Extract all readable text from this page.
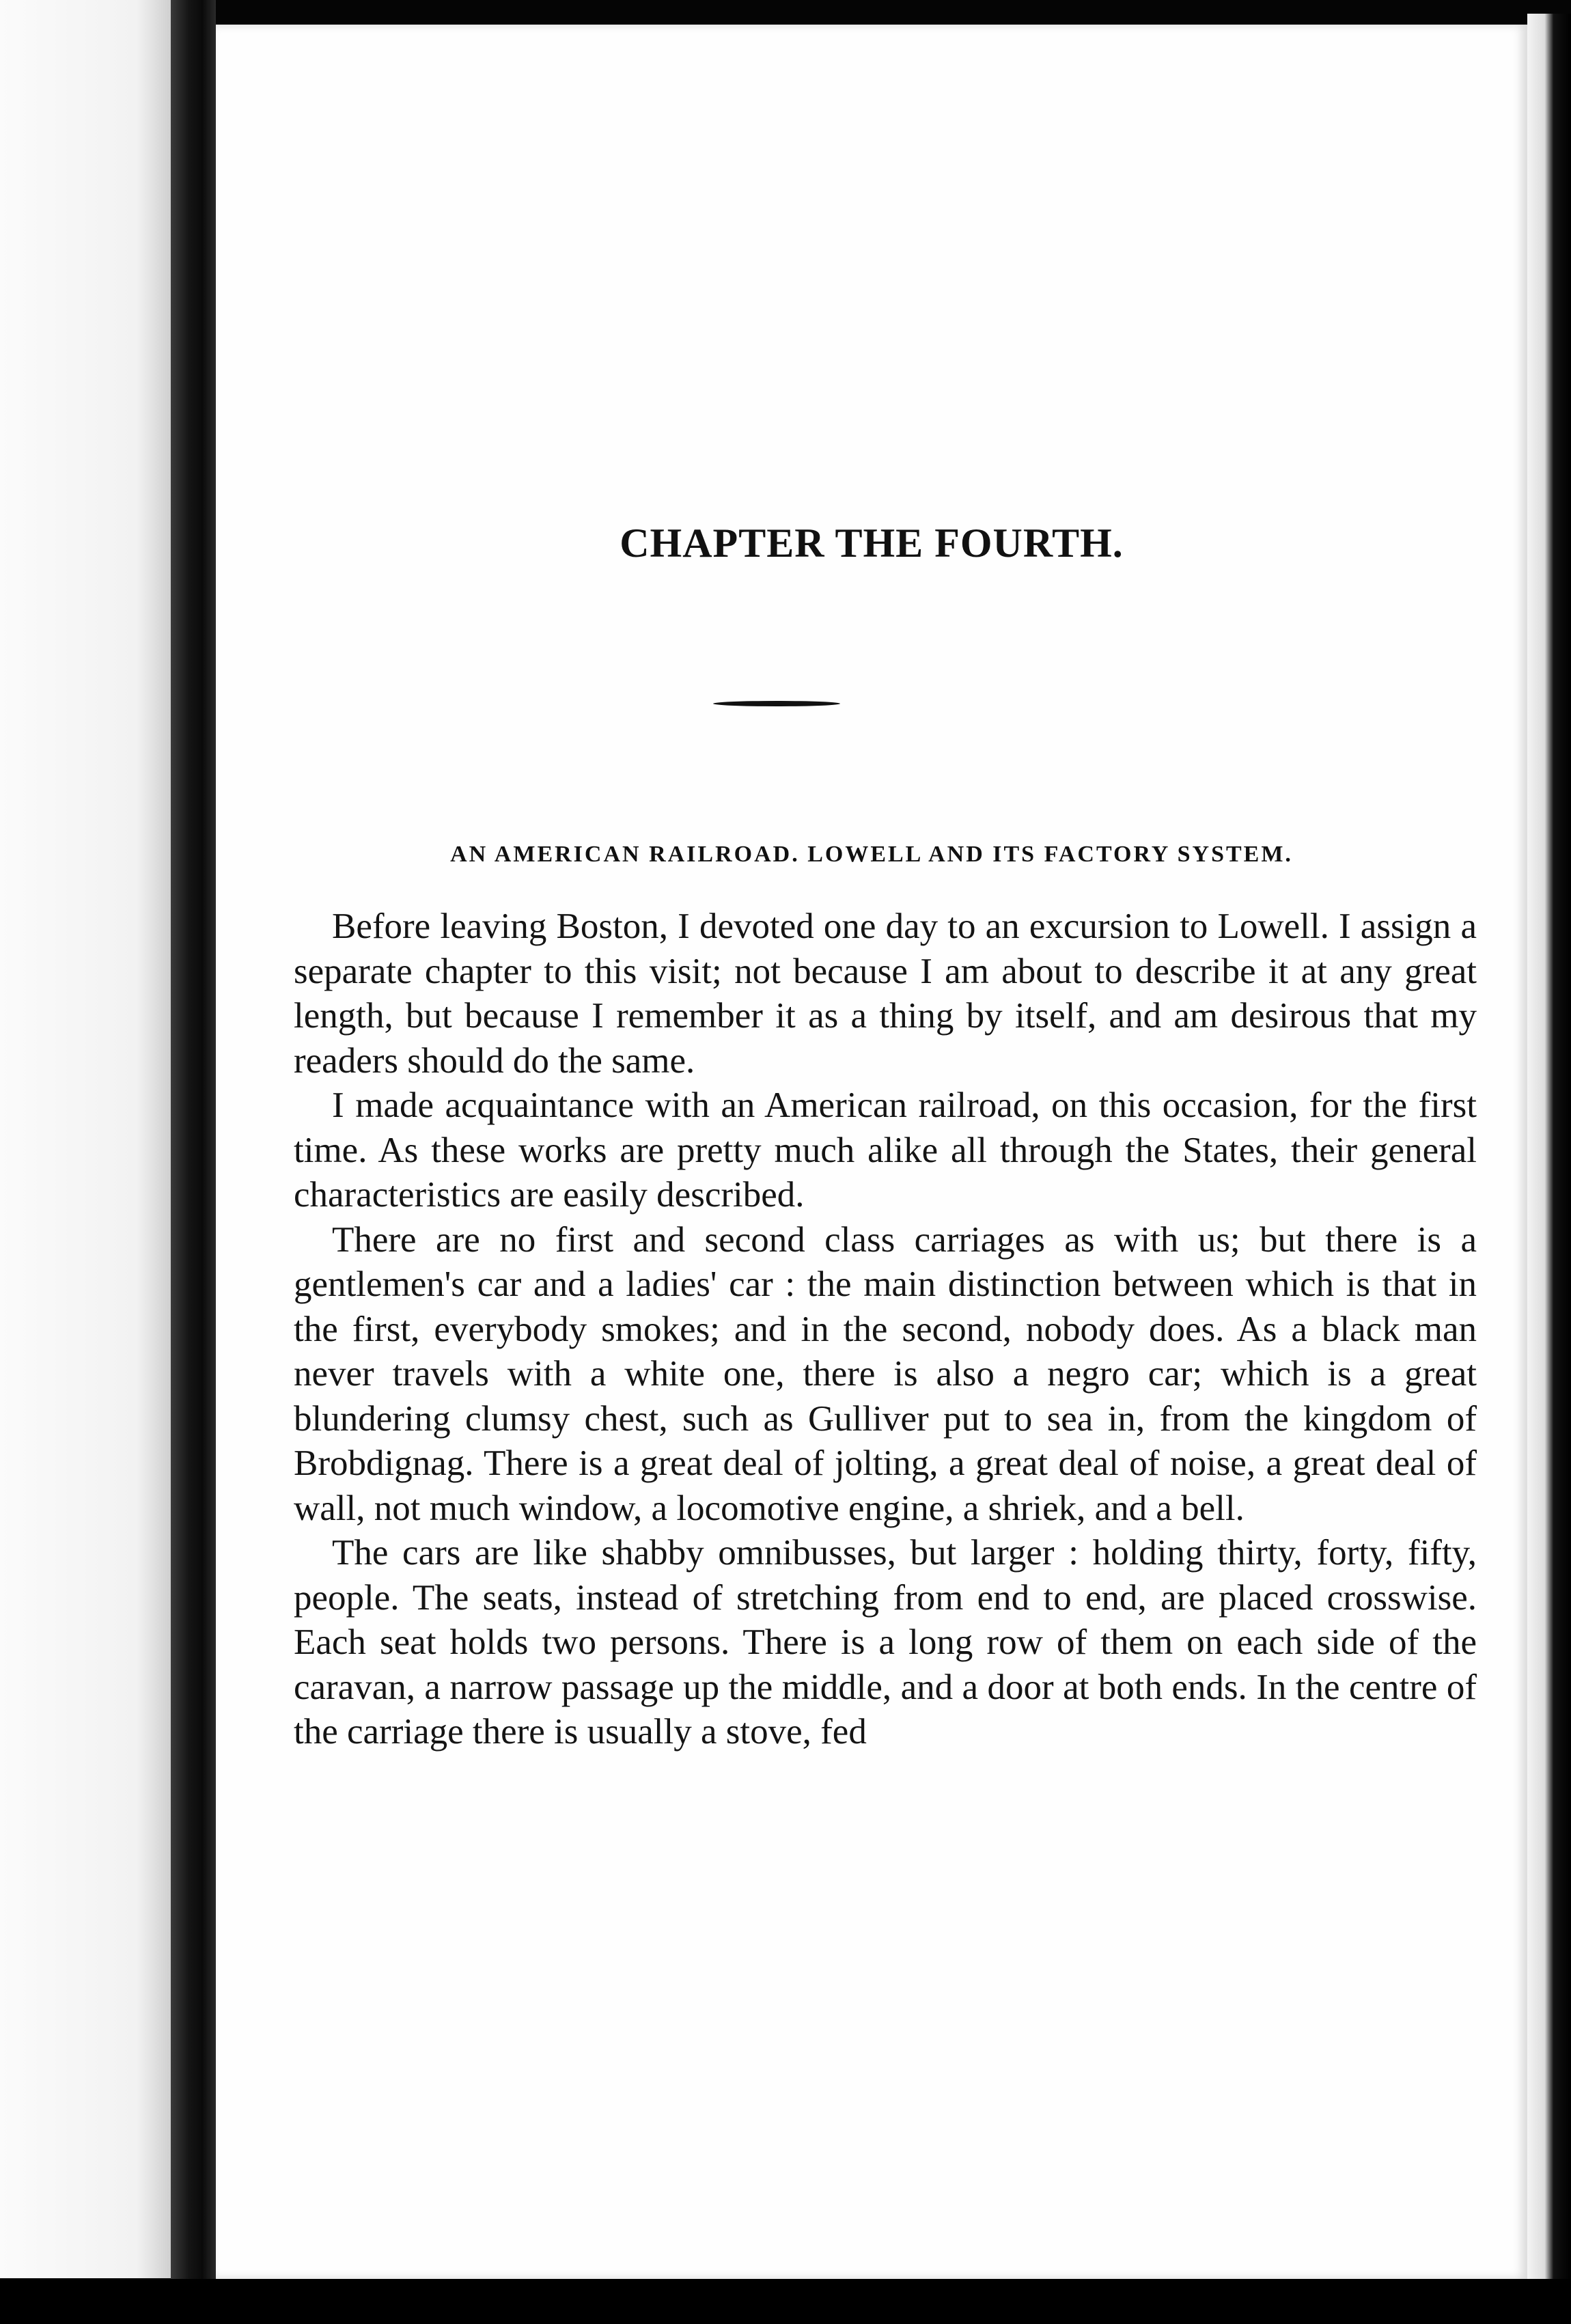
CHAPTER THE FOURTH.
AN AMERICAN RAILROAD. LOWELL AND ITS FACTORY SYSTEM.

Before leaving Boston, I devoted one day to an excursion to Lowell. I assign a separate chapter to this visit; not because I am about to describe it at any great length, but because I remember it as a thing by itself, and am desirous that my readers should do the same.

I made acquaintance with an American railroad, on this occasion, for the first time. As these works are pretty much alike all through the States, their general characteristics are easily described.

There are no first and second class carriages as with us; but there is a gentlemen's car and a ladies' car : the main distinction between which is that in the first, everybody smokes; and in the second, nobody does. As a black man never travels with a white one, there is also a negro car; which is a great blundering clumsy chest, such as Gulliver put to sea in, from the kingdom of Brobdignag. There is a great deal of jolting, a great deal of noise, a great deal of wall, not much window, a locomotive engine, a shriek, and a bell.

The cars are like shabby omnibusses, but larger : holding thirty, forty, fifty, people. The seats, instead of stretching from end to end, are placed crosswise. Each seat holds two persons. There is a long row of them on each side of the caravan, a narrow passage up the middle, and a door at both ends. In the centre of the carriage there is usually a stove, fed
